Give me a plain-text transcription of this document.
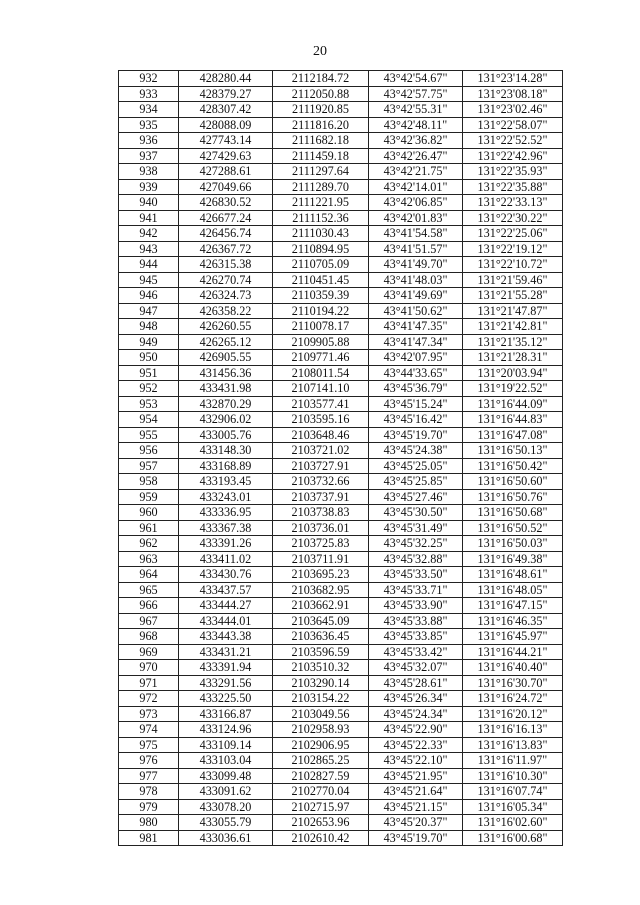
20
932	428280.44	2112184.72	43°42'54.67"	131°23'14.28"
933	428379.27	2112050.88	43°42'57.75"	131°23'08.18"
934	428307.42	2111920.85	43°42'55.31"	131°23'02.46"
935	428088.09	2111816.20	43°42'48.11"	131°22'58.07"
936	427743.14	2111682.18	43°42'36.82"	131°22'52.52"
937	427429.63	2111459.18	43°42'26.47"	131°22'42.96"
938	427288.61	2111297.64	43°42'21.75"	131°22'35.93"
939	427049.66	2111289.70	43°42'14.01"	131°22'35.88"
940	426830.52	2111221.95	43°42'06.85"	131°22'33.13"
941	426677.24	2111152.36	43°42'01.83"	131°22'30.22"
942	426456.74	2111030.43	43°41'54.58"	131°22'25.06"
943	426367.72	2110894.95	43°41'51.57"	131°22'19.12"
944	426315.38	2110705.09	43°41'49.70"	131°22'10.72"
945	426270.74	2110451.45	43°41'48.03"	131°21'59.46"
946	426324.73	2110359.39	43°41'49.69"	131°21'55.28"
947	426358.22	2110194.22	43°41'50.62"	131°21'47.87"
948	426260.55	2110078.17	43°41'47.35"	131°21'42.81"
949	426265.12	2109905.88	43°41'47.34"	131°21'35.12"
950	426905.55	2109771.46	43°42'07.95"	131°21'28.31"
951	431456.36	2108011.54	43°44'33.65"	131°20'03.94"
952	433431.98	2107141.10	43°45'36.79"	131°19'22.52"
953	432870.29	2103577.41	43°45'15.24"	131°16'44.09"
954	432906.02	2103595.16	43°45'16.42"	131°16'44.83"
955	433005.76	2103648.46	43°45'19.70"	131°16'47.08"
956	433148.30	2103721.02	43°45'24.38"	131°16'50.13"
957	433168.89	2103727.91	43°45'25.05"	131°16'50.42"
958	433193.45	2103732.66	43°45'25.85"	131°16'50.60"
959	433243.01	2103737.91	43°45'27.46"	131°16'50.76"
960	433336.95	2103738.83	43°45'30.50"	131°16'50.68"
961	433367.38	2103736.01	43°45'31.49"	131°16'50.52"
962	433391.26	2103725.83	43°45'32.25"	131°16'50.03"
963	433411.02	2103711.91	43°45'32.88"	131°16'49.38"
964	433430.76	2103695.23	43°45'33.50"	131°16'48.61"
965	433437.57	2103682.95	43°45'33.71"	131°16'48.05"
966	433444.27	2103662.91	43°45'33.90"	131°16'47.15"
967	433444.01	2103645.09	43°45'33.88"	131°16'46.35"
968	433443.38	2103636.45	43°45'33.85"	131°16'45.97"
969	433431.21	2103596.59	43°45'33.42"	131°16'44.21"
970	433391.94	2103510.32	43°45'32.07"	131°16'40.40"
971	433291.56	2103290.14	43°45'28.61"	131°16'30.70"
972	433225.50	2103154.22	43°45'26.34"	131°16'24.72"
973	433166.87	2103049.56	43°45'24.34"	131°16'20.12"
974	433124.96	2102958.93	43°45'22.90"	131°16'16.13"
975	433109.14	2102906.95	43°45'22.33"	131°16'13.83"
976	433103.04	2102865.25	43°45'22.10"	131°16'11.97"
977	433099.48	2102827.59	43°45'21.95"	131°16'10.30"
978	433091.62	2102770.04	43°45'21.64"	131°16'07.74"
979	433078.20	2102715.97	43°45'21.15"	131°16'05.34"
980	433055.79	2102653.96	43°45'20.37"	131°16'02.60"
981	433036.61	2102610.42	43°45'19.70"	131°16'00.68"
